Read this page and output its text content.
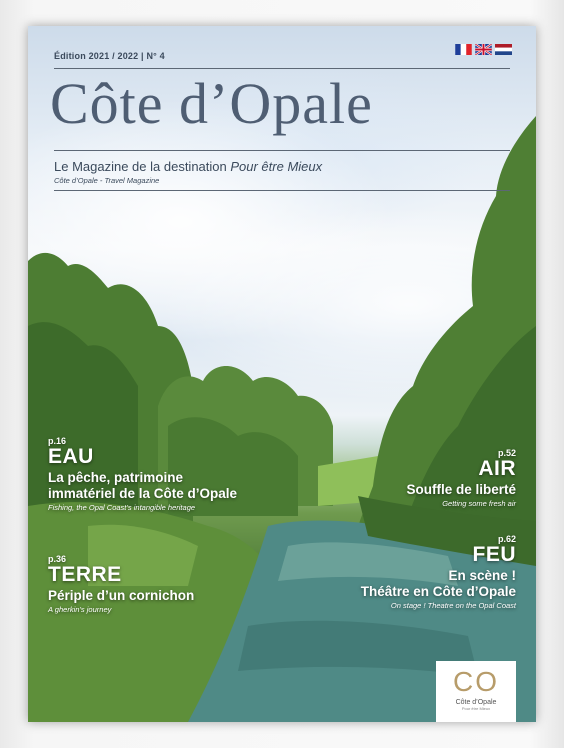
Édition 2021 / 2022 | N° 4
Côte d’Opale
Le Magazine de la destination Pour être Mieux
Côte d’Opale - Travel Magazine
p.16
EAU
La pêche, patrimoine
immatériel de la Côte d’Opale
Fishing, the Opal Coast’s intangible heritage
p.52
AIR
Souffle de liberté
Getting some fresh air
p.36
TERRE
Périple d’un cornichon
A gherkin’s journey
p.62
FEU
En scène !
Théâtre en Côte d’Opale
On stage ! Theatre on the Opal Coast
CO
Côte d’Opale
Pour être Mieux
